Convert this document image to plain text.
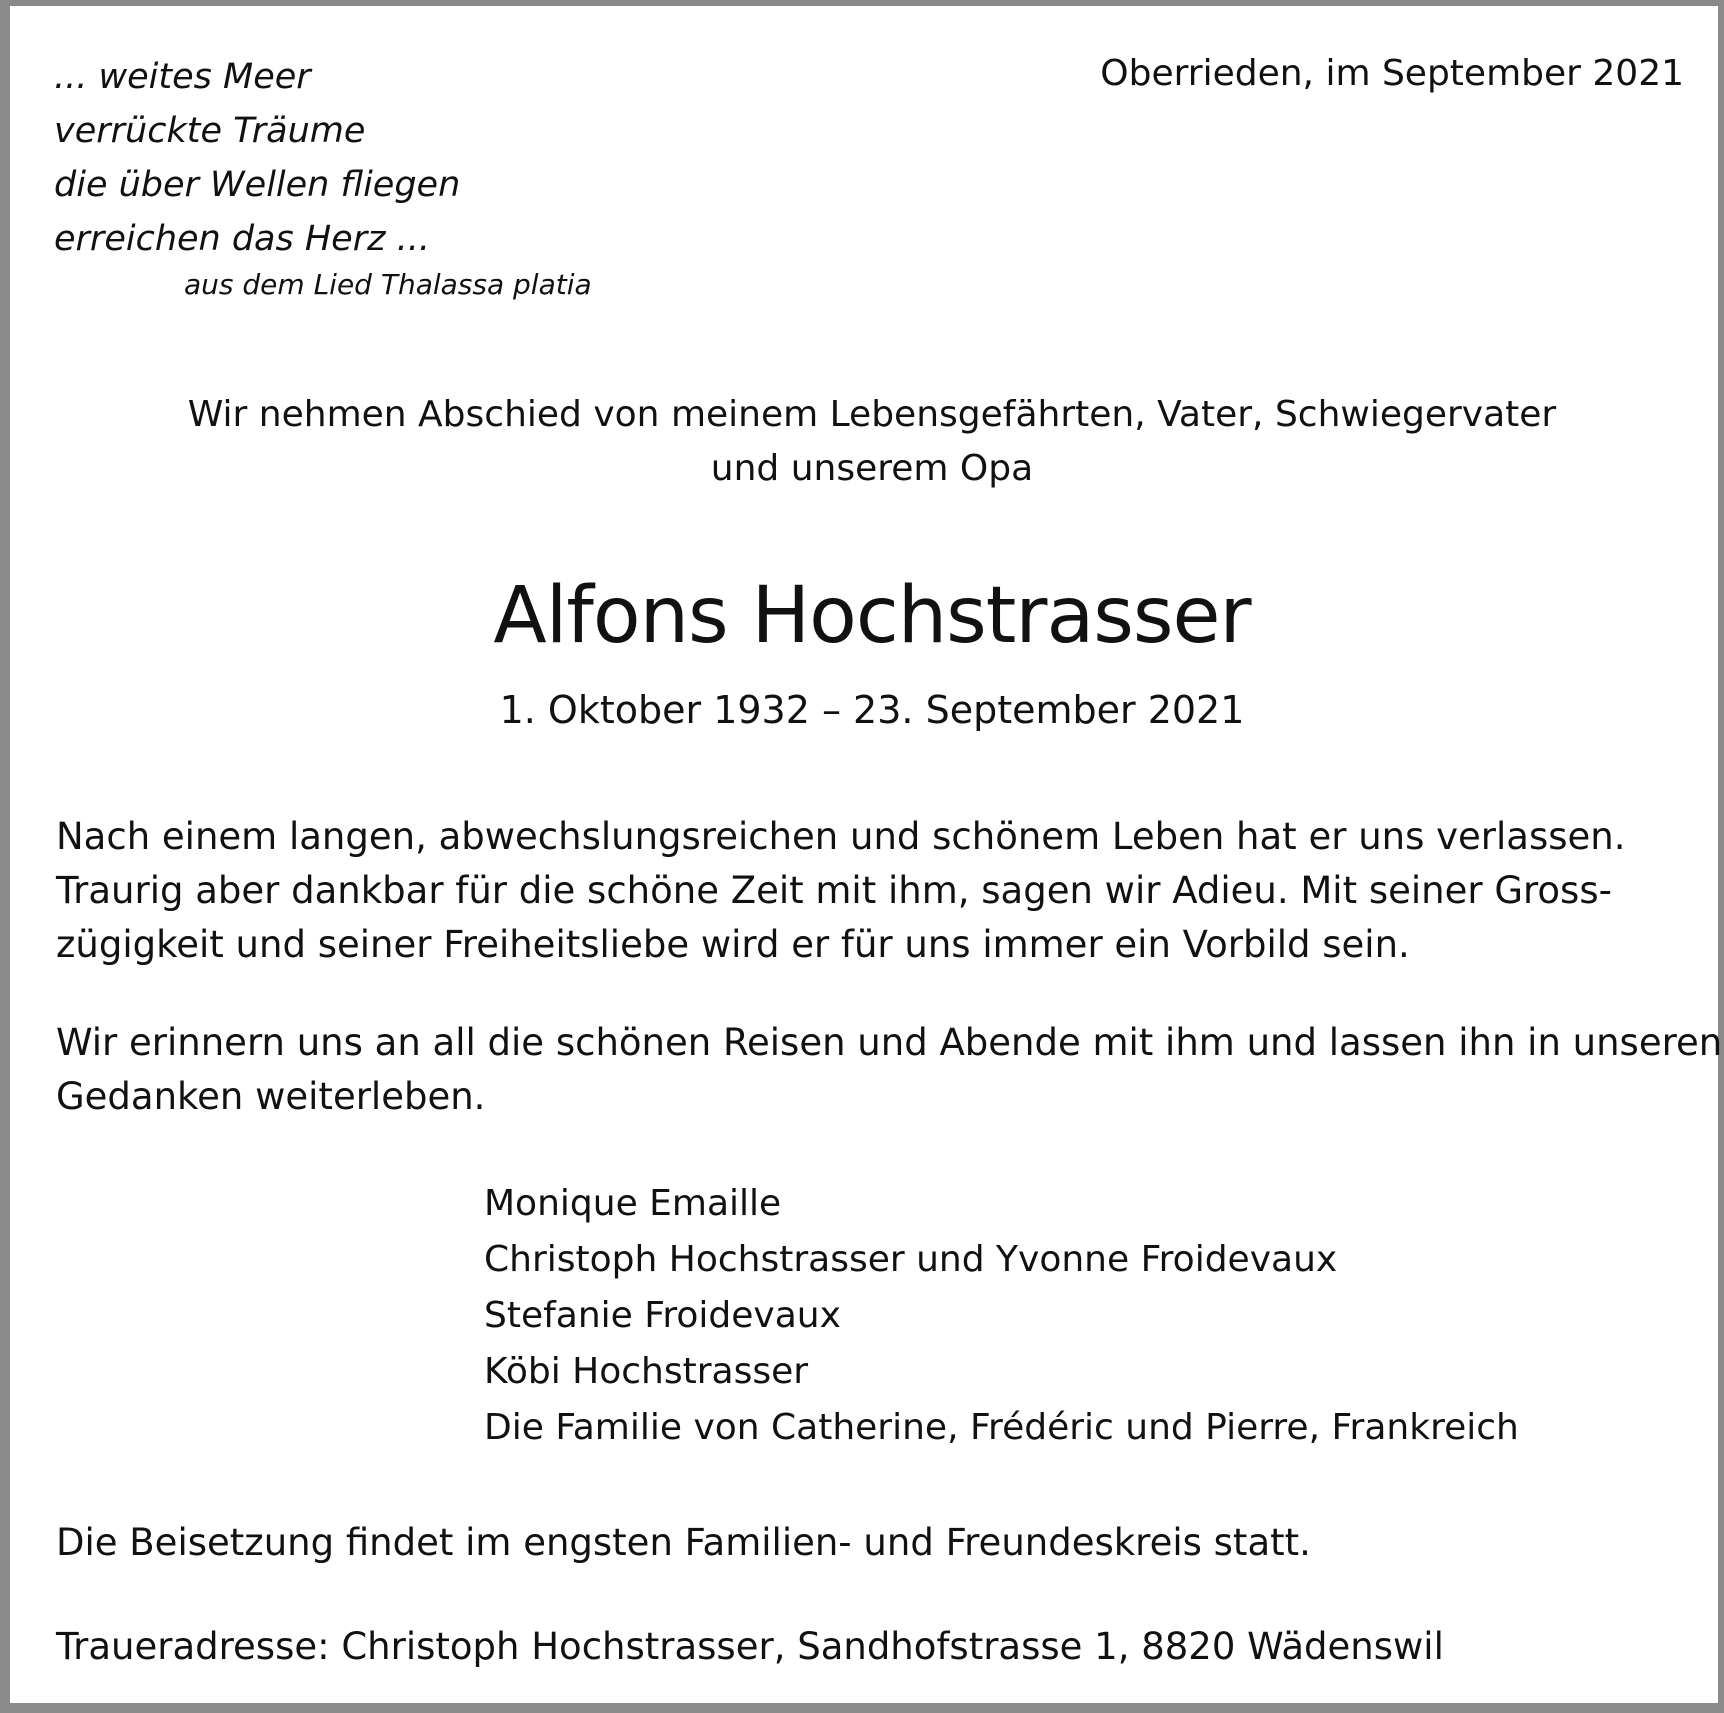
... weites Meer
verrückte Träume
die über Wellen fliegen
erreichen das Herz ...
aus dem Lied Thalassa platia
Oberrieden, im September 2021
Wir nehmen Abschied von meinem Lebensgefährten, Vater, Schwiegervater
und unserem Opa
Alfons Hochstrasser
1. Oktober 1932 – 23. September 2021
Nach einem langen, abwechslungsreichen und schönem Leben hat er uns verlassen.
Traurig aber dankbar für die schöne Zeit mit ihm, sagen wir Adieu. Mit seiner Gross-
zügigkeit und seiner Freiheitsliebe wird er für uns immer ein Vorbild sein.
Wir erinnern uns an all die schönen Reisen und Abende mit ihm und lassen ihn in unseren
Gedanken weiterleben.
Monique Emaille
Christoph Hochstrasser und Yvonne Froidevaux
Stefanie Froidevaux
Köbi Hochstrasser
Die Familie von Catherine, Frédéric und Pierre, Frankreich
Die Beisetzung findet im engsten Familien- und Freundeskreis statt.
Traueradresse: Christoph Hochstrasser, Sandhofstrasse 1, 8820 Wädenswil
